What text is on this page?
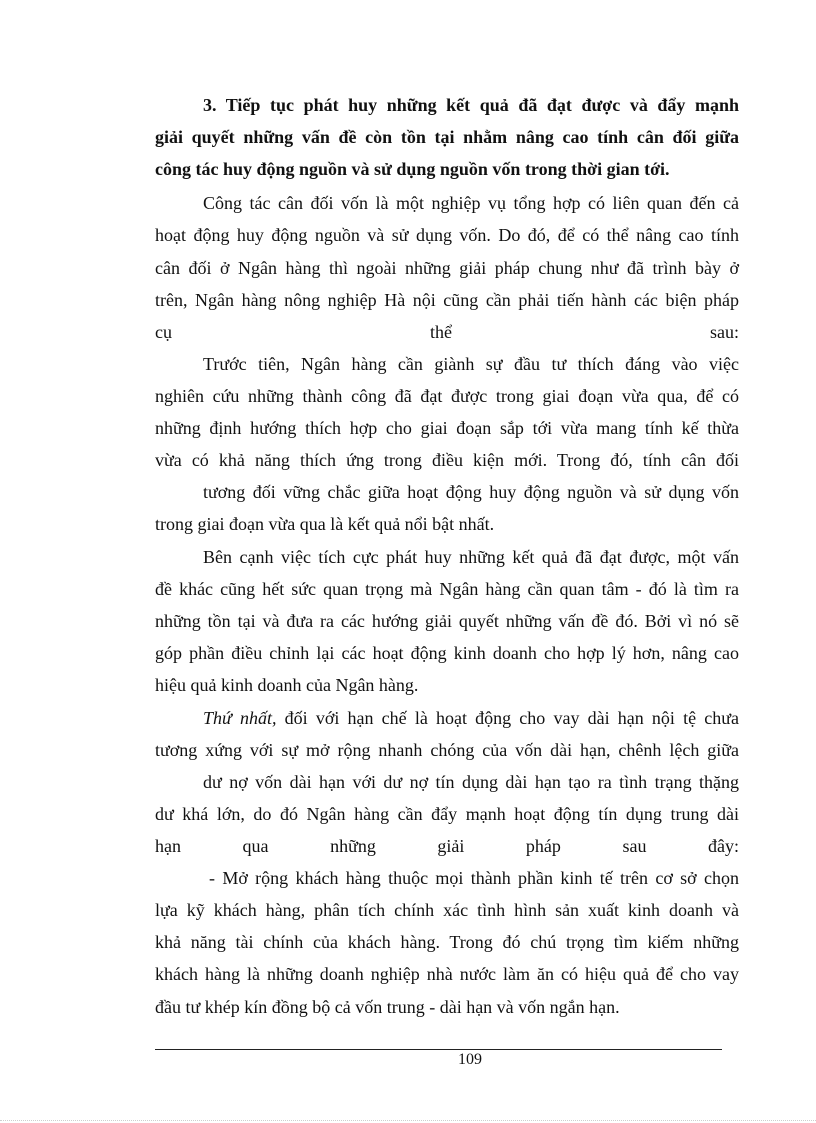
3. Tiếp tục phát huy những kết quả đã đạt được và đẩy mạnh
giải quyết những vấn đề còn tồn tại nhằm nâng cao tính cân đối giữa
công tác huy động nguồn và sử dụng nguồn vốn trong thời gian tới.
Công tác cân đối vốn là một nghiệp vụ tổng hợp có liên quan đến cả
hoạt động huy động nguồn và sử dụng vốn. Do đó, để có thể nâng cao tính
cân đối ở Ngân hàng thì ngoài những giải pháp chung như đã trình bày ở
trên, Ngân hàng nông nghiệp Hà nội cũng cần phải tiến hành các biện pháp
cụ thể sau:
Trước tiên, Ngân hàng cần giành sự đầu tư thích đáng vào việc
nghiên cứu những thành công đã đạt được trong giai đoạn vừa qua, để có
những định hướng thích hợp cho giai đoạn sắp tới vừa mang tính kế thừa
vừa có khả năng thích ứng trong điều kiện mới. Trong đó, tính cân đối
tương đối vững chắc giữa hoạt động huy động nguồn và sử dụng vốn
trong giai đoạn vừa qua là kết quả nổi bật nhất.
Bên cạnh việc tích cực phát huy những kết quả đã đạt được, một vấn
đề khác cũng hết sức quan trọng mà Ngân hàng cần quan tâm - đó là tìm ra
những tồn tại và đưa ra các hướng giải quyết những vấn đề đó. Bởi vì nó sẽ
góp phần điều chỉnh lại các hoạt động kinh doanh cho hợp lý hơn, nâng cao
hiệu quả kinh doanh của Ngân hàng.
Thứ nhất, đối với hạn chế là hoạt động cho vay dài hạn nội tệ chưa
tương xứng với sự mở rộng nhanh chóng của vốn dài hạn, chênh lệch giữa
dư nợ vốn dài hạn với dư nợ tín dụng dài hạn tạo ra tình trạng thặng
dư khá lớn, do đó Ngân hàng cần đẩy mạnh hoạt động tín dụng trung dài
hạn qua những giải pháp sau đây:
- Mở rộng khách hàng thuộc mọi thành phần kinh tế trên cơ sở chọn
lựa kỹ khách hàng, phân tích chính xác tình hình sản xuất kinh doanh và
khả năng tài chính của khách hàng. Trong đó chú trọng tìm kiếm những
khách hàng là những doanh nghiệp nhà nước làm ăn có hiệu quả để cho vay
đầu tư khép kín đồng bộ cả vốn trung - dài hạn và vốn ngắn hạn.
109
